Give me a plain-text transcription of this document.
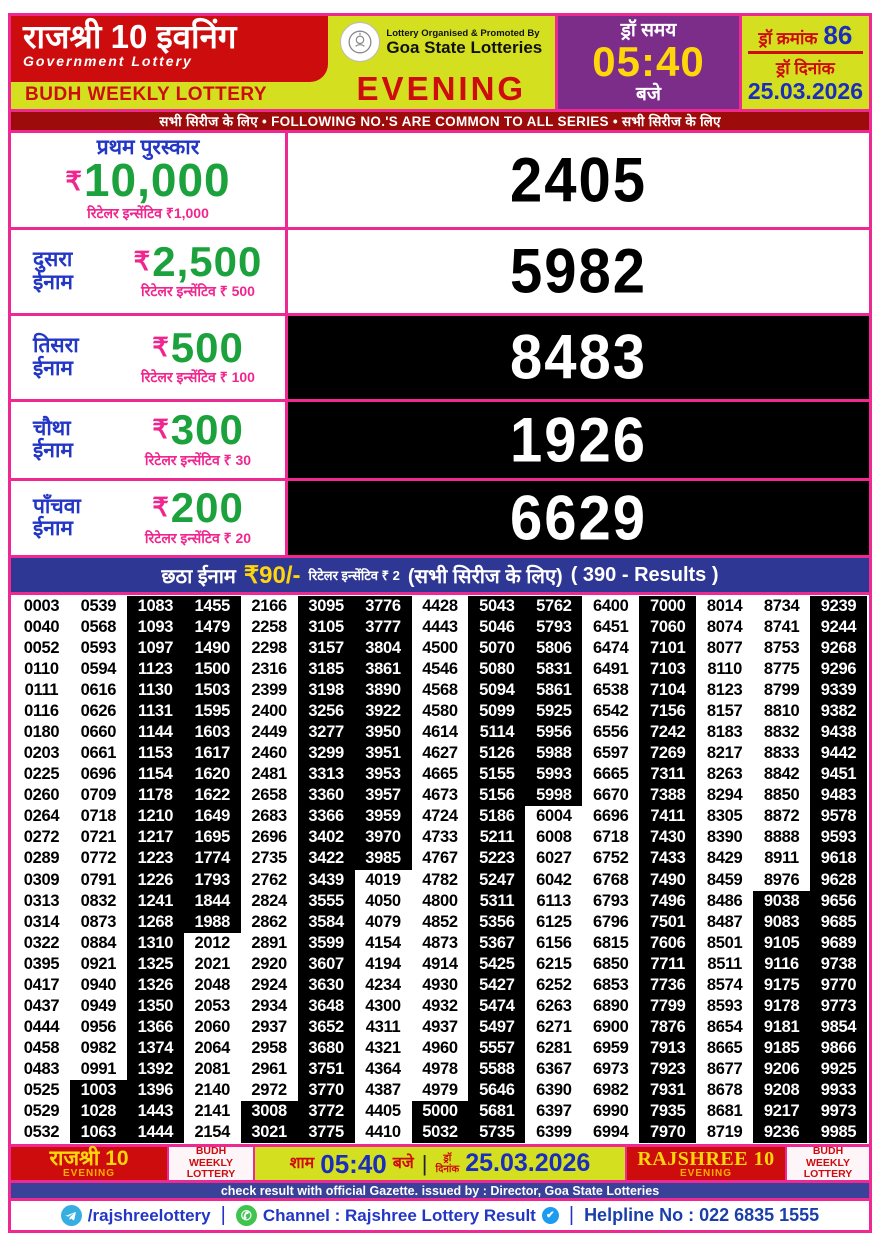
राजश्री 10 इवनिंग
Government Lottery
BUDH WEEKLY LOTTERY
Lottery Organised & Promoted By
Goa State Lotteries
EVENING
ड्रॉ समय
05:40
बजे
ड्रॉ क्रमांक 86
ड्रॉ दिनांक
25.03.2026
सभी सिरीज के लिए • FOLLOWING NO.'S ARE COMMON TO ALL SERIES • सभी सिरीज के लिए
प्रथम पुरस्कार
₹ 10,000
रिटेलर इन्सेंटिव ₹1,000	2405
दुसरा
ईनाम
₹ 2,500
रिटेलर इन्सेंटिव ₹ 500	5982
तिसरा
ईनाम
₹ 500
रिटेलर इन्सेंटिव ₹ 100	8483
चौथा
ईनाम
₹ 300
रिटेलर इन्सेंटिव ₹ 30	1926
पाँचवा
ईनाम
₹ 200
रिटेलर इन्सेंटिव ₹ 20	6629
छठा ईनाम ₹90/- रिटेलर इन्सेंटिव ₹ 2 (सभी सिरीज के लिए) ( 390 - Results )
0003	0539	1083	1455	2166	3095	3776	4428	5043	5762	6400	7000	8014	8734	9239
0040	0568	1093	1479	2258	3105	3777	4443	5046	5793	6451	7060	8074	8741	9244
0052	0593	1097	1490	2298	3157	3804	4500	5070	5806	6474	7101	8077	8753	9268
0110	0594	1123	1500	2316	3185	3861	4546	5080	5831	6491	7103	8110	8775	9296
0111	0616	1130	1503	2399	3198	3890	4568	5094	5861	6538	7104	8123	8799	9339
0116	0626	1131	1595	2400	3256	3922	4580	5099	5925	6542	7156	8157	8810	9382
0180	0660	1144	1603	2449	3277	3950	4614	5114	5956	6556	7242	8183	8832	9438
0203	0661	1153	1617	2460	3299	3951	4627	5126	5988	6597	7269	8217	8833	9442
0225	0696	1154	1620	2481	3313	3953	4665	5155	5993	6665	7311	8263	8842	9451
0260	0709	1178	1622	2658	3360	3957	4673	5156	5998	6670	7388	8294	8850	9483
0264	0718	1210	1649	2683	3366	3959	4724	5186	6004	6696	7411	8305	8872	9578
0272	0721	1217	1695	2696	3402	3970	4733	5211	6008	6718	7430	8390	8888	9593
0289	0772	1223	1774	2735	3422	3985	4767	5223	6027	6752	7433	8429	8911	9618
0309	0791	1226	1793	2762	3439	4019	4782	5247	6042	6768	7490	8459	8976	9628
0313	0832	1241	1844	2824	3555	4050	4800	5311	6113	6793	7496	8486	9038	9656
0314	0873	1268	1988	2862	3584	4079	4852	5356	6125	6796	7501	8487	9083	9685
0322	0884	1310	2012	2891	3599	4154	4873	5367	6156	6815	7606	8501	9105	9689
0395	0921	1325	2021	2920	3607	4194	4914	5425	6215	6850	7711	8511	9116	9738
0417	0940	1326	2048	2924	3630	4234	4930	5427	6252	6853	7736	8574	9175	9770
0437	0949	1350	2053	2934	3648	4300	4932	5474	6263	6890	7799	8593	9178	9773
0444	0956	1366	2060	2937	3652	4311	4937	5497	6271	6900	7876	8654	9181	9854
0458	0982	1374	2064	2958	3680	4321	4960	5557	6281	6959	7913	8665	9185	9866
0483	0991	1392	2081	2961	3751	4364	4978	5588	6367	6973	7923	8677	9206	9925
0525	1003	1396	2140	2972	3770	4387	4979	5646	6390	6982	7931	8678	9208	9933
0529	1028	1443	2141	3008	3772	4405	5000	5681	6397	6990	7935	8681	9217	9973
0532	1063	1444	2154	3021	3775	4410	5032	5735	6399	6994	7970	8719	9236	9985
राजश्री 10
EVENING
BUDH WEEKLY LOTTERY
शाम 05:40 बजे | ड्रॉ
दिनांक 25.03.2026 RAJSHREE 10
EVENING
BUDH WEEKLY LOTTERY
check result with official Gazette. issued by : Director, Goa State Lotteries
/rajshreelottery |	✆ Channel : Rajshree Lottery Result	✔ | Helpline No : 022 6835 1555
